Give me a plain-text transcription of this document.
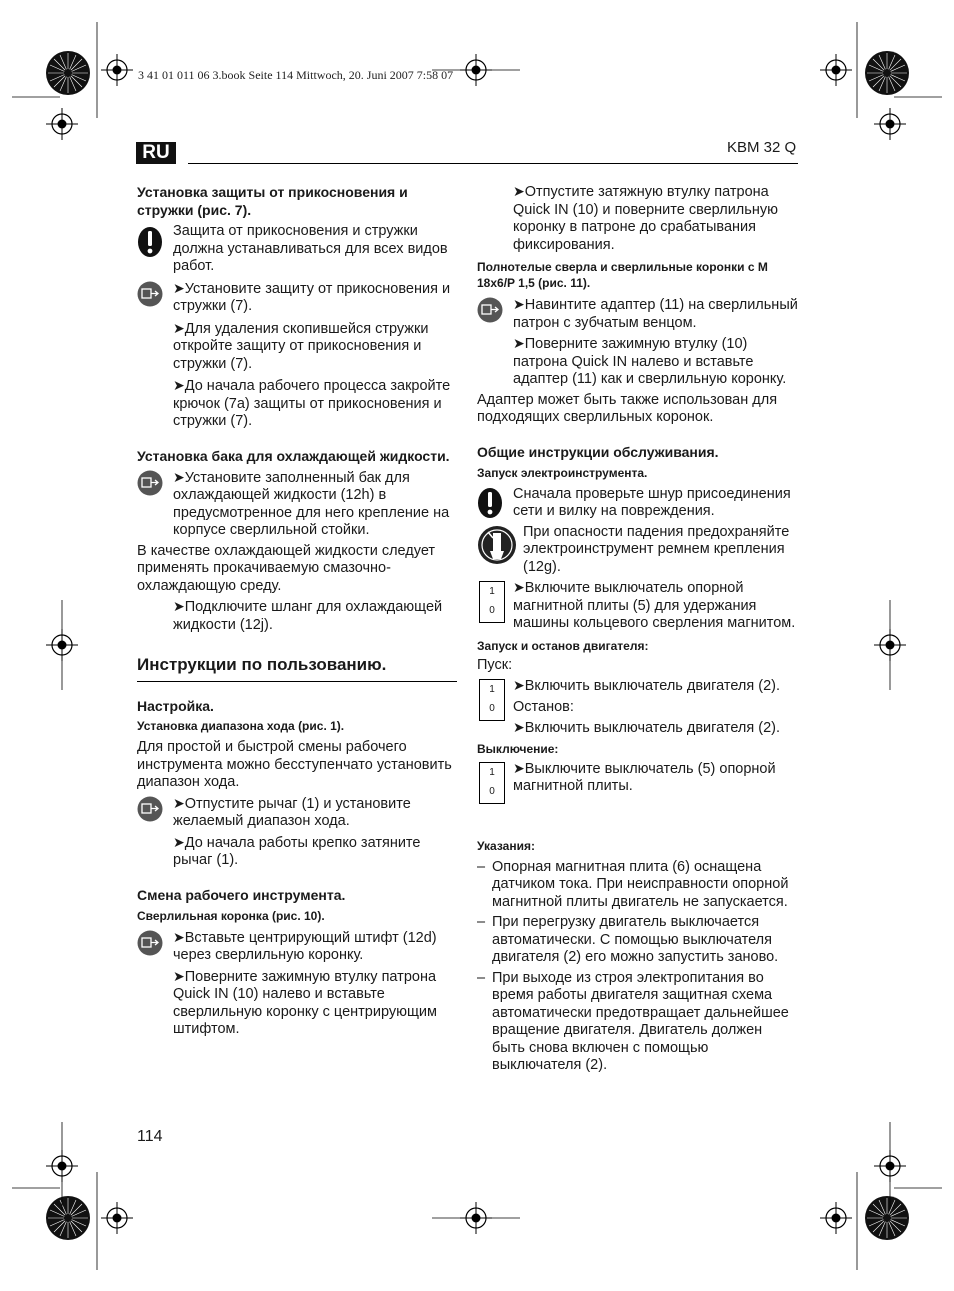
3 41 01 011 06 3.book Seite 114 Mittwoch, 20. Juni 2007 7:58 07
RU	KBM 32 Q
Установка защиты от прикосновения и стружки (рис. 7).
Защита от прикосновения и стружки должна устанавливаться для всех видов работ.
➤Установите защиту от прикосновения и стружки (7).
➤Для удаления скопившейся стружки откройте защиту от прикосновения и стружки (7).
➤До начала рабочего процесса закройте крючок (7a) защиты от прикосновения и стружки (7).
Установка бака для охлаждающей жидкости.
➤Установите заполненный бак для охлаждающей жидкости (12h) в предусмотренное для него крепление на корпусе сверлильной стойки.

В качестве охлаждающей жидкости следует применять прокачиваемую смазочно-охлаждающую среду.

➤Подключите шланг для охлаждающей жидкости (12j).
Инструкции по пользованию.
Настройка.
Установка диапазона хода (рис. 1).

Для простой и быстрой смены рабочего инструмента можно бесступенчато установить диапазон хода.

➤Отпустите рычаг (1) и установите желаемый диапазон хода.
➤До начала работы крепко затяните рычаг (1).
Смена рабочего инструмента.
Сверлильная коронка (рис. 10).
➤Вставьте центрирующий штифт (12d) через сверлильную коронку.
➤Поверните зажимную втулку патрона Quick IN (10) налево и вставьте сверлильную коронку с центрирующим штифтом.
➤Отпустите затяжную втулку патрона Quick IN (10) и поверните сверлильную коронку в патроне до срабатывания фиксирования.
Полнотелые сверла и сверлильные коронки с M 18x6/P 1,5 (рис. 11).
➤Навинтите адаптер (11) на сверлильный патрон с зубчатым венцом.
➤Поверните зажимную втулку (10) патрона Quick IN налево и вставьте адаптер (11) как и сверлильную коронку.

Адаптер может быть также использован для подходящих сверлильных коронок.

Общие инструкции обслуживания.
Запуск электроинструмента.
Сначала проверьте шнур присоединения сети и вилку на повреждения.
При опасности падения предохраняйте электроинструмент ремнем крепления (12g).
1
0
➤Включите выключатель опорной магнитной плиты (5) для удержания машины кольцевого сверления магнитом.
Запуск и останов двигателя:
Пуск:
1
0
➤Включить выключатель двигателя (2).
Останов:
➤Включить выключатель двигателя (2).
Выключение:
1
0
➤Выключите выключатель (5) опорной магнитной плиты.
Указания:
– Опорная магнитная плита (6) оснащена датчиком тока. При неисправности опорной магнитной плиты двигатель не запускается.
– При перегрузку двигатель выключается автоматически. С помощью выключателя двигателя (2) его можно запустить заново.
– При выходе из строя электропитания во время работы двигателя защитная схема автоматически предотвращает дальнейшее вращение двигателя. Двигатель должен быть снова включен с помощью выключателя (2).
114
